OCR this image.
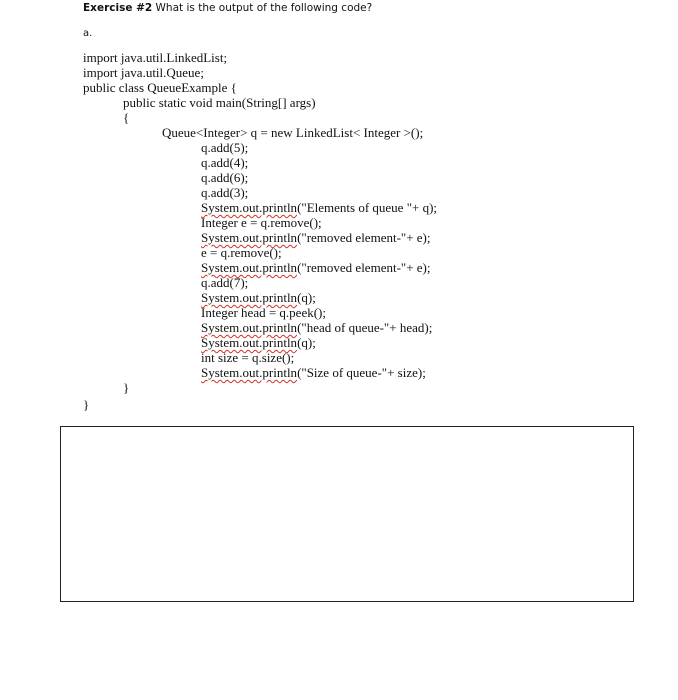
Exercise #2 What is the output of the following code?
a.
import java.util.LinkedList;
import java.util.Queue;
public class QueueExample {
public static void main(String[] args)
{
Queue<Integer> q = new LinkedList< Integer >();
q.add(5);
q.add(4);
q.add(6);
q.add(3);
System.out.println("Elements of queue "+ q);
Integer e = q.remove();
System.out.println("removed element-"+ e);
e = q.remove();
System.out.println("removed element-"+ e);
q.add(7);
System.out.println(q);
Integer head = q.peek();
System.out.println("head of queue-"+ head);
System.out.println(q);
int size = q.size();
System.out.println("Size of queue-"+ size);
}
}
